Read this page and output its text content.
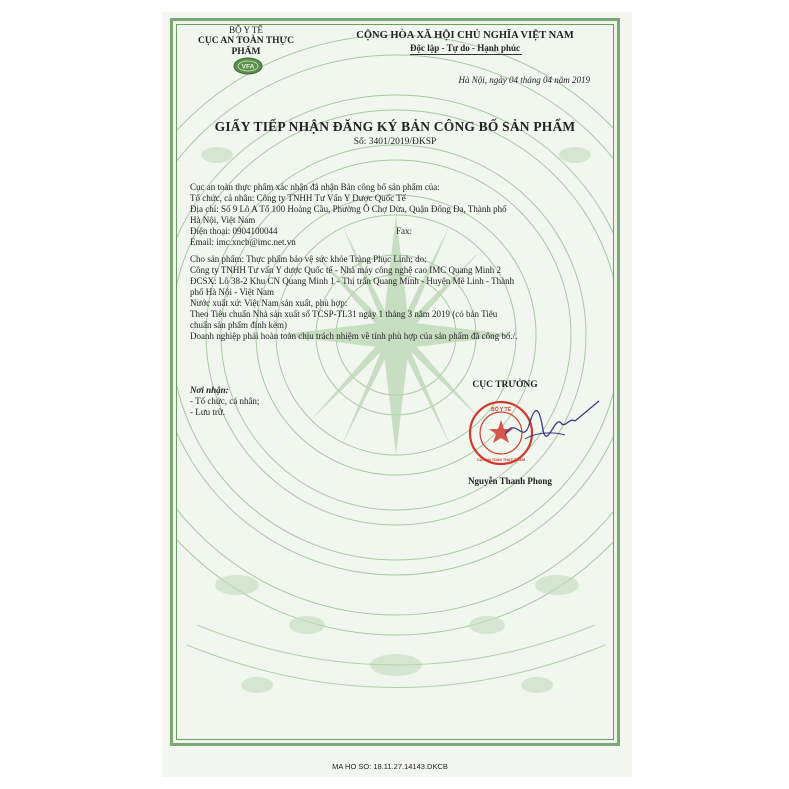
BỘ Y TẾ
CỤC AN TOÀN THỰC PHẨM
VFA
CỘNG HÒA XÃ HỘI CHỦ NGHĨA VIỆT NAM
Độc lập - Tự do - Hạnh phúc
Hà Nội, ngày 04 tháng 04 năm 2019
GIẤY TIẾP NHẬN ĐĂNG KÝ BẢN CÔNG BỐ SẢN PHẨM
Số: 3401/2019/ĐKSP

Cục an toàn thực phẩm xác nhận đã nhận Bản công bố sản phẩm của:

Tổ chức, cá nhân: Công ty TNHH Tư Vấn Y Dược Quốc Tế

Địa chỉ: Số 9 Lô A Tổ 100 Hoàng Cầu, Phường Ô Chợ Dừa, Quận Đống Đa, Thành phố

Hà Nội, Việt Nam

Điện thoại: 0904100044	Fax:

Email: imc.xncb@imc.net.vn

Cho sản phẩm: Thực phẩm bảo vệ sức khỏe Tràng Phục Linh; do:

Công ty TNHH Tư vấn Y dược Quốc tế - Nhà máy công nghệ cao IMC Quang Minh 2

ĐCSX: Lô 38-2 Khu CN Quang Minh 1 - Thị trấn Quang Minh - Huyện Mê Linh - Thành

phố Hà Nội - Việt Nam

Nước xuất xứ: Việt Nam sản xuất, phù hợp:

Theo Tiêu chuẩn Nhà sản xuất số TCSP-TL31 ngày 1 tháng 3 năm 2019 (có bản Tiêu

chuẩn sản phẩm đính kèm)

Doanh nghiệp phải hoàn toàn chịu trách nhiệm về tính phù hợp của sản phẩm đã công bố./.

CỤC TRƯỞNG
Nơi nhận:
- Tổ chức, cá nhân;
- Lưu trữ.	BỘ Y TẾ
CỤC AN TOÀN THỰC PHẨM
Nguyễn Thanh Phong
MA HO SO: 18.11.27.14143.DKCB
